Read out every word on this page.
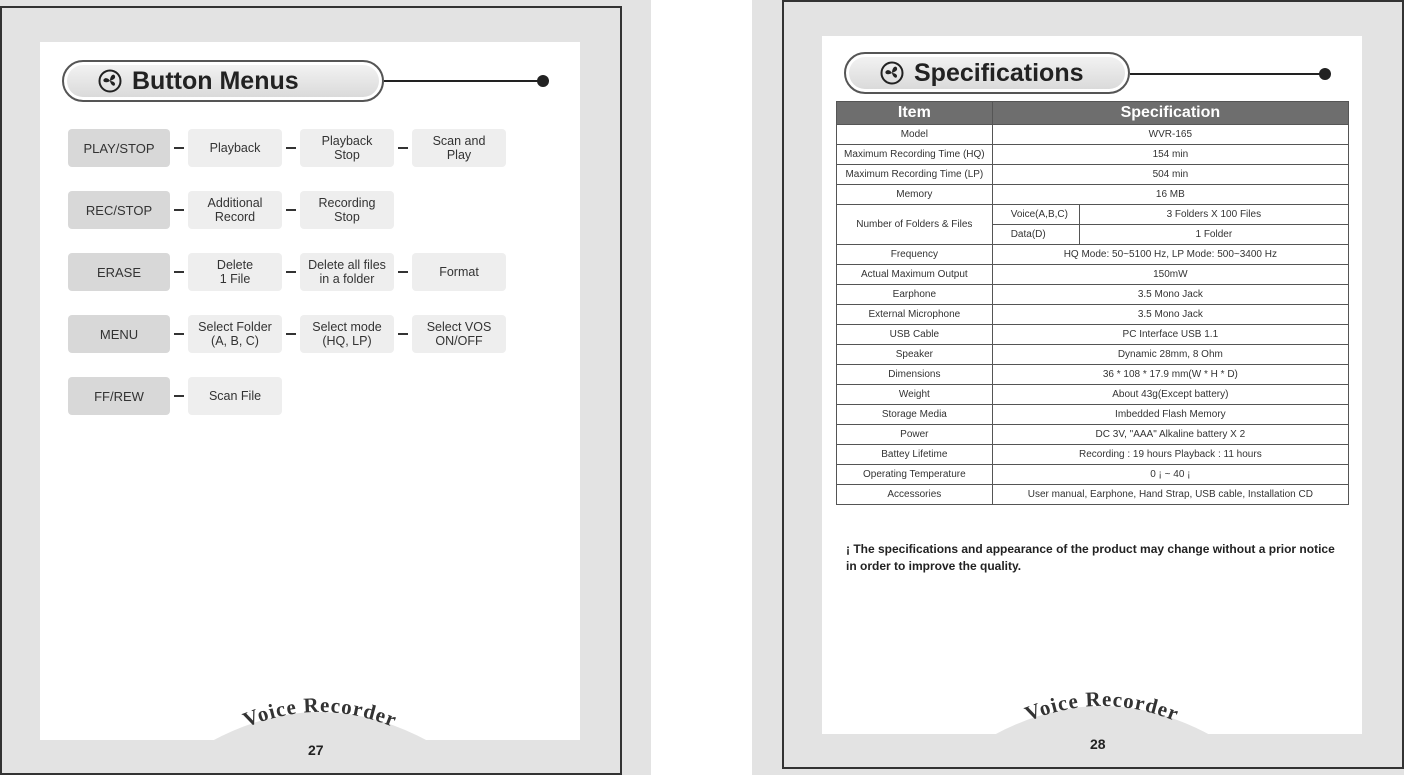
Button Menus
PLAY/STOP	Playback	Playback
Stop
Scan and
Play
REC/STOP	Additional
Record
Recording
Stop
ERASE	Delete
1 File
Delete all files
in a folder	Format
MENU	Select Folder
(A, B, C)
Select mode
(HQ, LP)
Select VOS
ON/OFF
FF/REW	Scan File
Voice Recorder
27
Specifications
Item	Specification	
Model	WVR-165	
Maximum Recording Time (HQ)	154 min	
Maximum Recording Time (LP)	504 min	
Memory	16 MB	
Number of Folders & Files	Voice(A,B,C)	3 Folders X 100 Files
	Data(D)	1 Folder
Frequency	HQ Mode: 50~5100 Hz, LP Mode: 500~3400 Hz	
Actual Maximum Output	150mW	
Earphone	3.5 Mono Jack	
External Microphone	3.5 Mono Jack	
USB Cable	PC Interface USB 1.1	
Speaker	Dynamic 28mm, 8 Ohm	
Dimensions	36 * 108 * 17.9 mm(W * H * D)	
Weight	About 43g(Except battery)	
Storage Media	Imbedded Flash Memory	
Power	DC 3V, "AAA" Alkaline battery X 2	
Battey Lifetime	Recording : 19 hours Playback : 11 hours	
Operating Temperature	0 ¡ ~ 40 ¡	
Accessories	User manual, Earphone, Hand Strap, USB cable, Installation CD	
¡ The specifications and appearance of the product may change without a prior notice in order to improve the quality.
Voice Recorder
28
